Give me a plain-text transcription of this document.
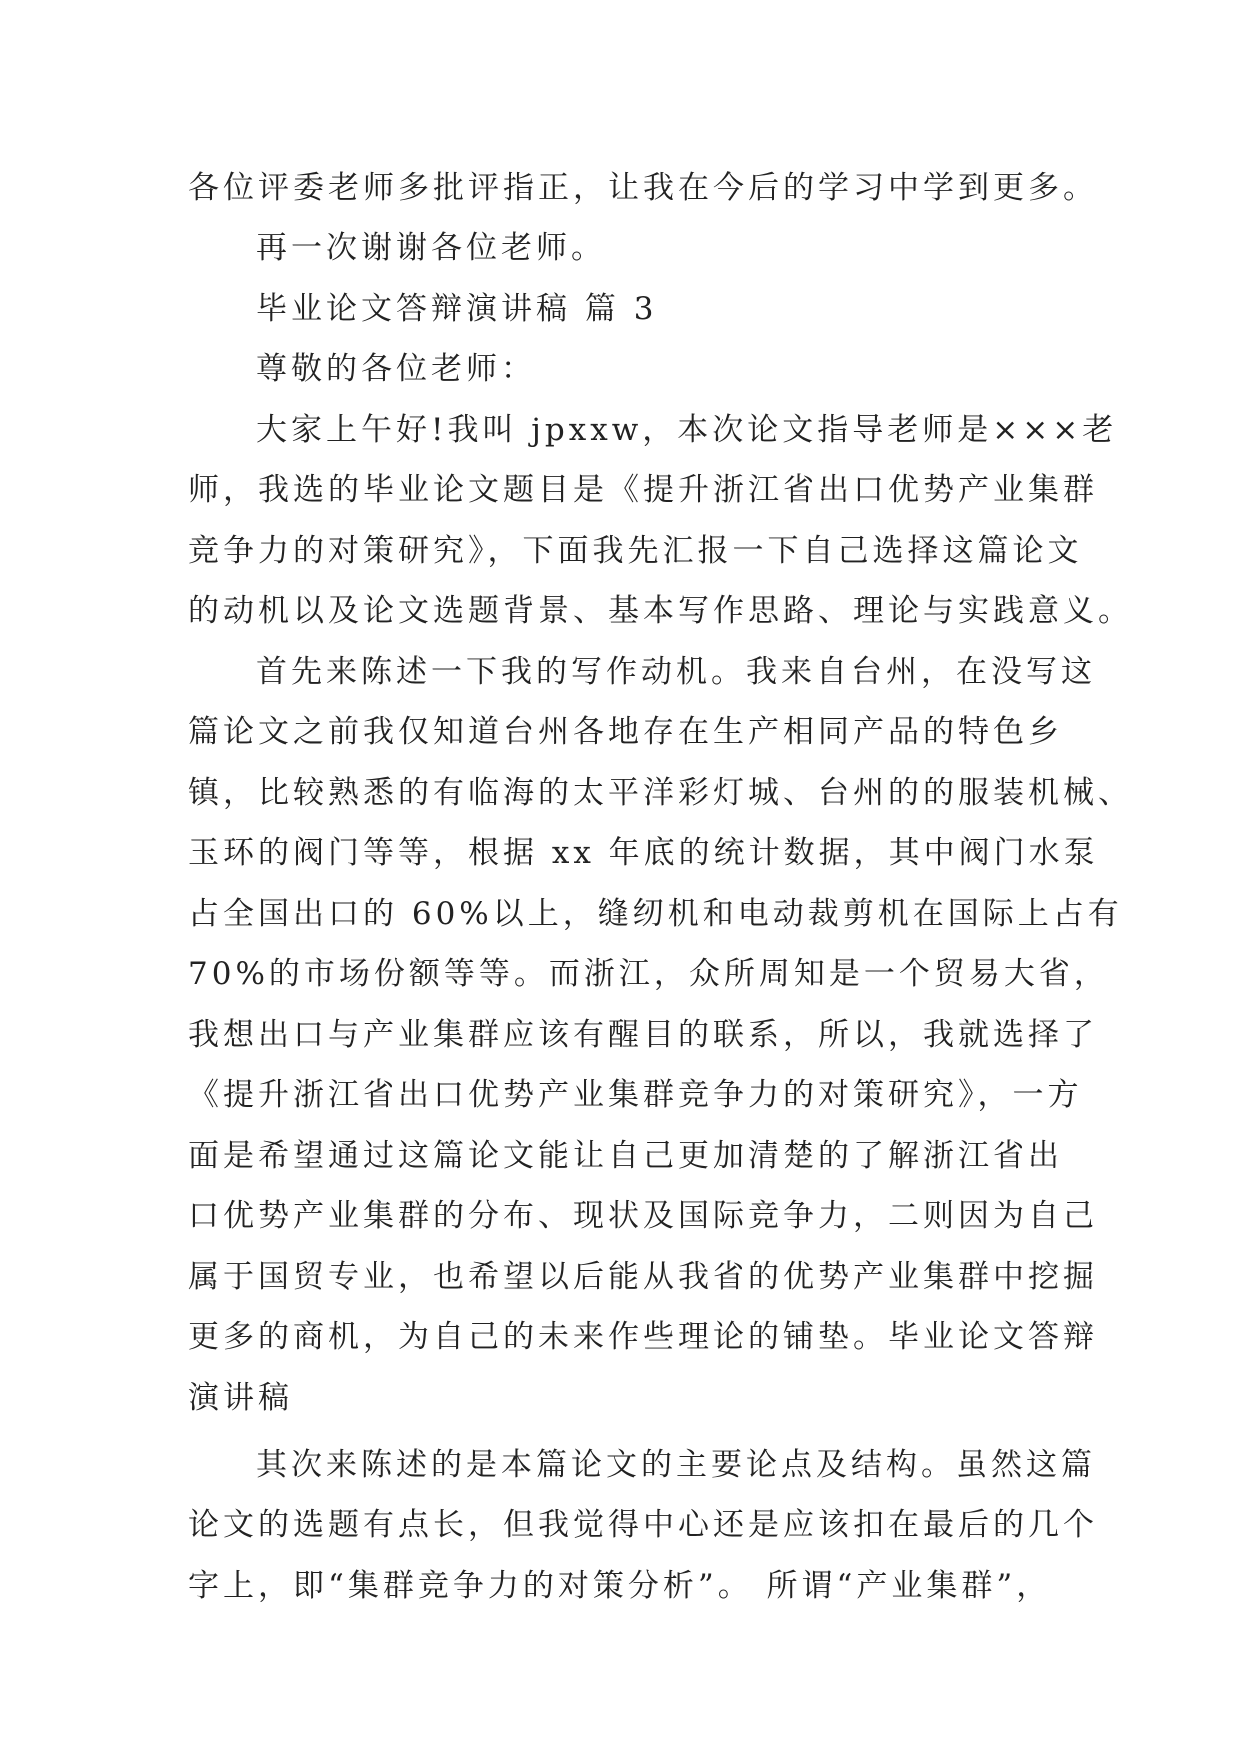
各位评委老师多批评指正，让我在今后的学习中学到更多。
再一次谢谢各位老师。
毕业论文答辩演讲稿 篇 3
尊敬的各位老师：
大家上午好!我叫 jpxxw，本次论文指导老师是×××老
师，我选的毕业论文题目是《提升浙江省出口优势产业集群
竞争力的对策研究》，下面我先汇报一下自己选择这篇论文
的动机以及论文选题背景、基本写作思路、理论与实践意义。
首先来陈述一下我的写作动机。我来自台州，在没写这
篇论文之前我仅知道台州各地存在生产相同产品的特色乡
镇，比较熟悉的有临海的太平洋彩灯城、台州的的服装机械、
玉环的阀门等等，根据 xx 年底的统计数据，其中阀门水泵
占全国出口的 60%以上，缝纫机和电动裁剪机在国际上占有
70%的市场份额等等。而浙江，众所周知是一个贸易大省，
我想出口与产业集群应该有醒目的联系，所以，我就选择了
《提升浙江省出口优势产业集群竞争力的对策研究》，一方
面是希望通过这篇论文能让自己更加清楚的了解浙江省出
口优势产业集群的分布、现状及国际竞争力，二则因为自己
属于国贸专业，也希望以后能从我省的优势产业集群中挖掘
更多的商机，为自己的未来作些理论的铺垫。毕业论文答辩
演讲稿
其次来陈述的是本篇论文的主要论点及结构。虽然这篇
论文的选题有点长，但我觉得中心还是应该扣在最后的几个
字上，即“集群竞争力的对策分析”。 所谓“产业集群”，
